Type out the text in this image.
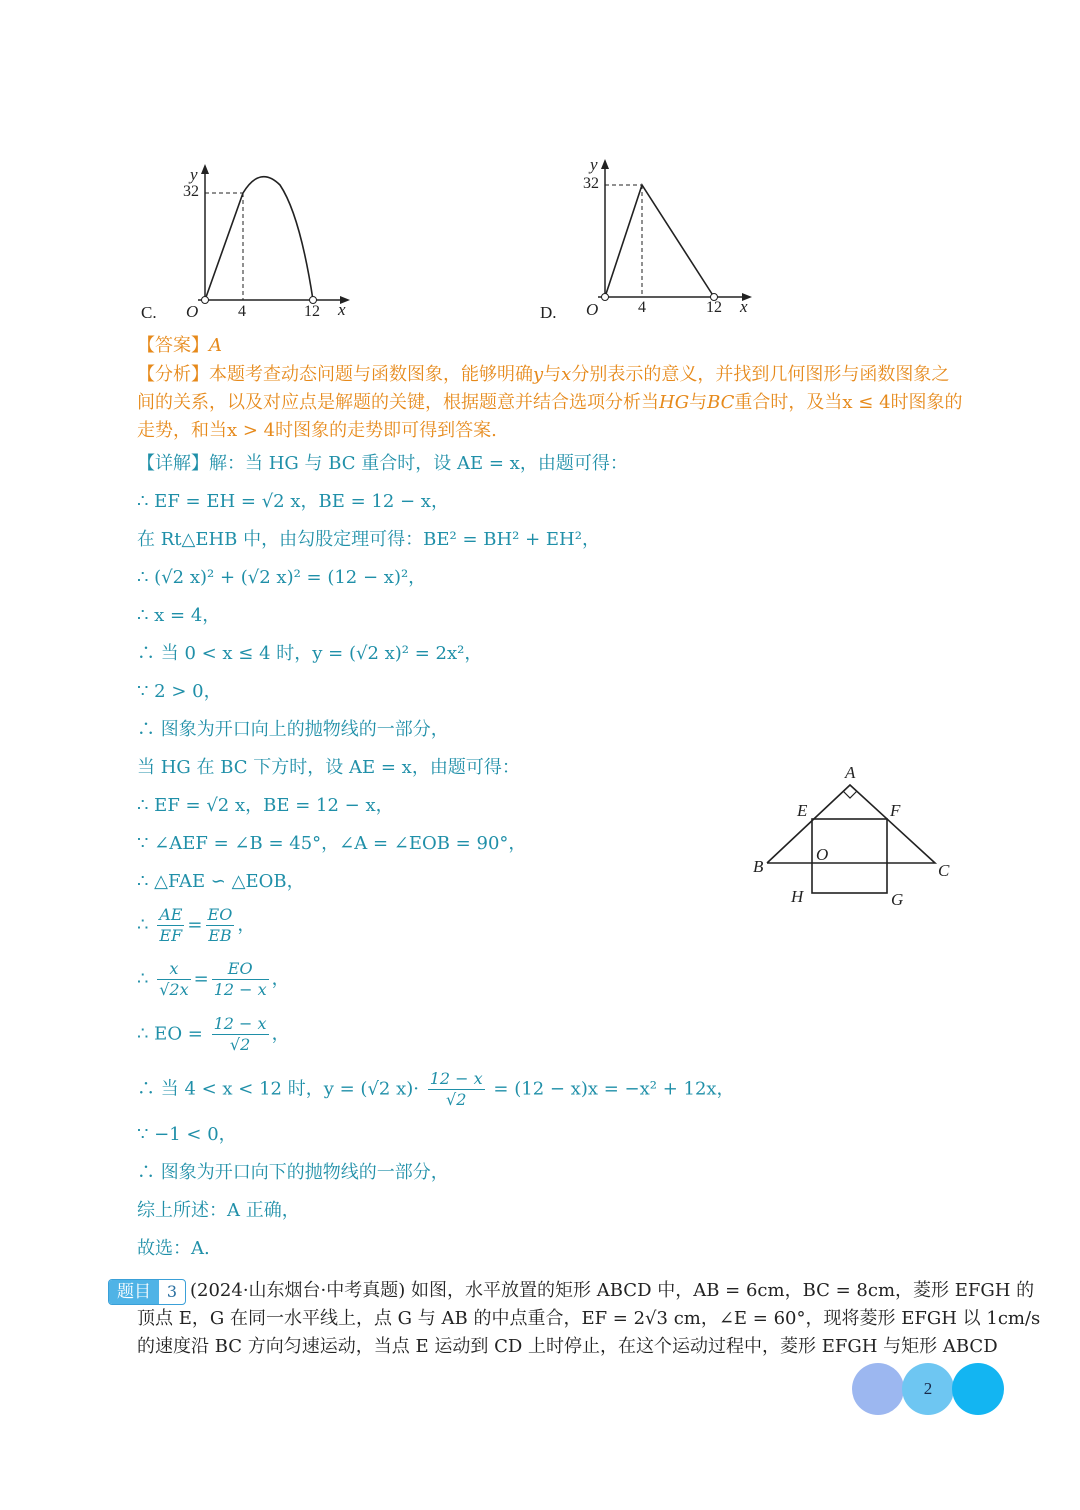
C.
y
32
O 4	12 x	D.
y
32
O 4	12 x
【答案】A
【分析】本题考查动态问题与函数图象，能够明确y与x分别表示的意义，并找到几何图形与函数图象之间的关系，以及对应点是解题的关键，根据题意并结合选项分析当HG与BC重合时，及当x ≤ 4时图象的走势，和当x > 4时图象的走势即可得到答案.
【详解】解：当 HG 与 BC 重合时，设 AE = x，由题可得：
∴ EF = EH = √2 x，BE = 12 − x，
在 Rt△EHB 中，由勾股定理可得：BE² = BH² + EH²，
∴ (√2 x)² + (√2 x)² = (12 − x)²，
∴ x = 4，
∴ 当 0 < x ≤ 4 时，y = (√2 x)² = 2x²，
∵ 2 > 0，
∴ 图象为开口向上的抛物线的一部分，
当 HG 在 BC 下方时，设 AE = x，由题可得：
∴ EF = √2 x，BE = 12 − x，
∵ ∠AEF = ∠B = 45°，∠A = ∠EOB = 90°，
∴ △FAE ∽ △EOB，
∴ $\frac{AE}{EF} = \frac{EO}{EB}$ ，
∴ $\frac{x}{√2x} = \frac{EO}{12 - x}$ ，
∴ EO = $\frac{12 - x}{√2}$ ，
∴ 当 4 < x < 12 时，y = (√2 $x)\cdot \frac{12 - x}{√2} = (12 - x)x = -x^2 + 12x$，
∵ −1 < 0，
∴ 图象为开口向下的抛物线的一部分，
综上所述：A 正确，
故选：A.
A
B	C
E	F
O
H	G
题目 3 (2024·山东烟台·中考真题) 如图，水平放置的矩形 ABCD 中，AB = 6cm，BC = 8cm，菱形 EFGH 的
顶点 E，G 在同一水平线上，点 G 与 AB 的中点重合，EF = 2√3 cm，∠E = 60°，现将菱形 EFGH 以 1cm/s
的速度沿 BC 方向匀速运动，当点 E 运动到 CD 上时停止，在这个运动过程中，菱形 EFGH 与矩形 ABCD
2
